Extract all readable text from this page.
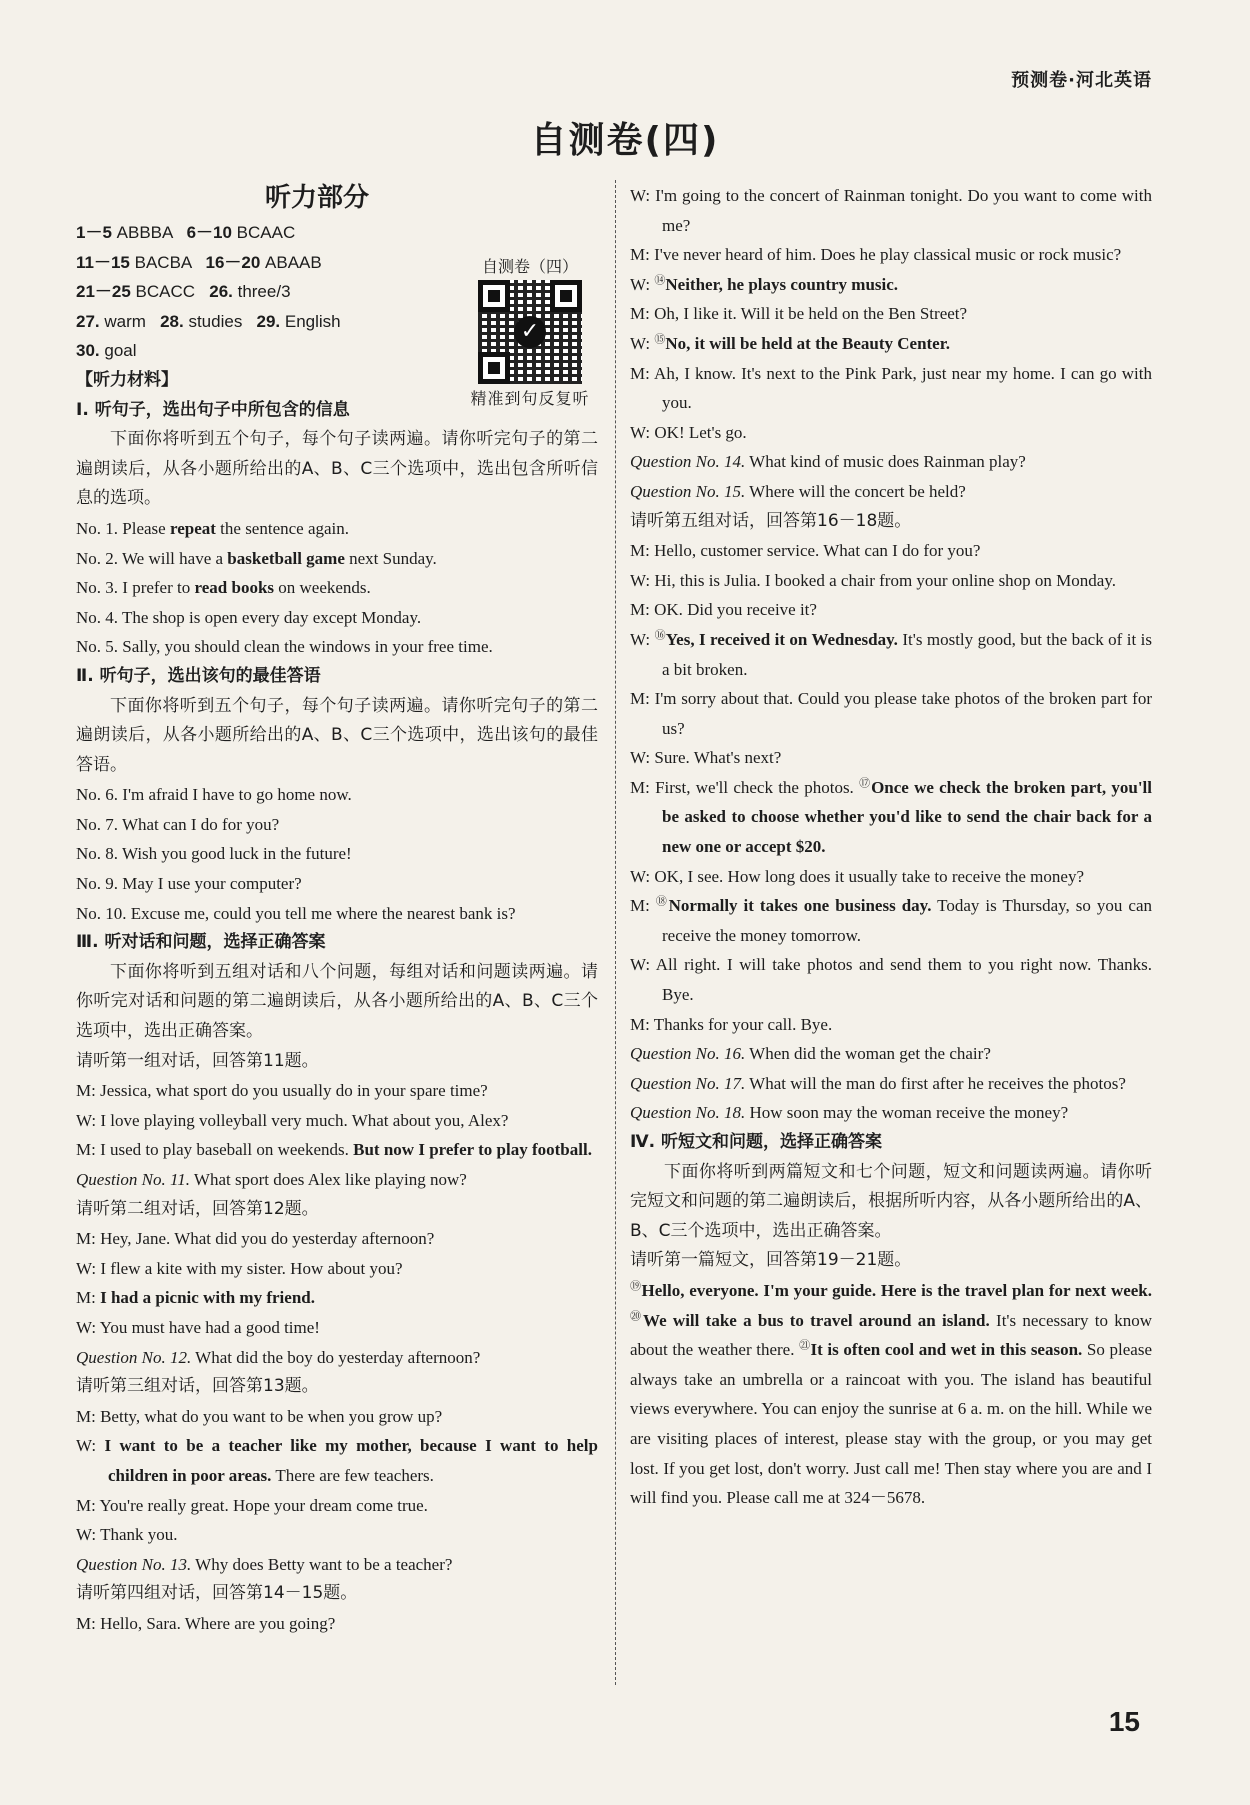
预测卷·河北英语
自测卷(四)
听力部分
1－5 ABBBA   6－10 BCAAC
11－15 BACBA   16－20 ABAAB
21－25 BCACC   26. three/3
27. warm   28. studies   29. English
30. goal
自测卷（四）
✓
精准到句反复听
【听力材料】
Ⅰ. 听句子，选出句子中所包含的信息
下面你将听到五个句子，每个句子读两遍。请你听完句子的第二遍朗读后，从各小题所给出的A、B、C三个选项中，选出包含所听信息的选项。
No. 1. Please repeat the sentence again.
No. 2. We will have a basketball game next Sunday.
No. 3. I prefer to read books on weekends.
No. 4. The shop is open every day except Monday.
No. 5. Sally, you should clean the windows in your free time.
Ⅱ. 听句子，选出该句的最佳答语
下面你将听到五个句子，每个句子读两遍。请你听完句子的第二遍朗读后，从各小题所给出的A、B、C三个选项中，选出该句的最佳答语。
No. 6. I'm afraid I have to go home now.
No. 7. What can I do for you?
No. 8. Wish you good luck in the future!
No. 9. May I use your computer?
No. 10. Excuse me, could you tell me where the nearest bank is?
Ⅲ. 听对话和问题，选择正确答案
下面你将听到五组对话和八个问题，每组对话和问题读两遍。请你听完对话和问题的第二遍朗读后，从各小题所给出的A、B、C三个选项中，选出正确答案。
请听第一组对话，回答第11题。
M: Jessica, what sport do you usually do in your spare time?
W: I love playing volleyball very much. What about you, Alex?
M: I used to play baseball on weekends. But now I prefer to play football.
Question No. 11. What sport does Alex like playing now?
请听第二组对话，回答第12题。
M: Hey, Jane. What did you do yesterday afternoon?
W: I flew a kite with my sister. How about you?
M: I had a picnic with my friend.
W: You must have had a good time!
Question No. 12. What did the boy do yesterday afternoon?
请听第三组对话，回答第13题。
M: Betty, what do you want to be when you grow up?
W: I want to be a teacher like my mother, because I want to help children in poor areas. There are few teachers.
M: You're really great. Hope your dream come true.
W: Thank you.
Question No. 13. Why does Betty want to be a teacher?
请听第四组对话，回答第14－15题。
M: Hello, Sara. Where are you going?
W: I'm going to the concert of Rainman tonight. Do you want to come with me?
M: I've never heard of him. Does he play classical music or rock music?
W: ⑭Neither, he plays country music.
M: Oh, I like it. Will it be held on the Ben Street?
W: ⑮No, it will be held at the Beauty Center.
M: Ah, I know. It's next to the Pink Park, just near my home. I can go with you.
W: OK! Let's go.
Question No. 14. What kind of music does Rainman play?
Question No. 15. Where will the concert be held?
请听第五组对话，回答第16－18题。
M: Hello, customer service. What can I do for you?
W: Hi, this is Julia. I booked a chair from your online shop on Monday.
M: OK. Did you receive it?
W: ⑯Yes, I received it on Wednesday. It's mostly good, but the back of it is a bit broken.
M: I'm sorry about that. Could you please take photos of the broken part for us?
W: Sure. What's next?
M: First, we'll check the photos. ⑰Once we check the broken part, you'll be asked to choose whether you'd like to send the chair back for a new one or accept $20.
W: OK, I see. How long does it usually take to receive the money?
M: ⑱Normally it takes one business day. Today is Thursday, so you can receive the money tomorrow.
W: All right. I will take photos and send them to you right now. Thanks. Bye.
M: Thanks for your call. Bye.
Question No. 16. When did the woman get the chair?
Question No. 17. What will the man do first after he receives the photos?
Question No. 18. How soon may the woman receive the money?
Ⅳ. 听短文和问题，选择正确答案
下面你将听到两篇短文和七个问题，短文和问题读两遍。请你听完短文和问题的第二遍朗读后，根据所听内容，从各小题所给出的A、B、C三个选项中，选出正确答案。
请听第一篇短文，回答第19－21题。
⑲Hello, everyone. I'm your guide. Here is the travel plan for next week. ⑳We will take a bus to travel around an island. It's necessary to know about the weather there. $^㉑$It is often cool and wet in this season. So please always take an umbrella or a raincoat with you. The island has beautiful views everywhere. You can enjoy the sunrise at 6 a. m. on the hill. While we are visiting places of interest, please stay with the group, or you may get lost. If you get lost, don't worry. Just call me! Then stay where you are and I will find you. Please call me at 324－5678.
15
